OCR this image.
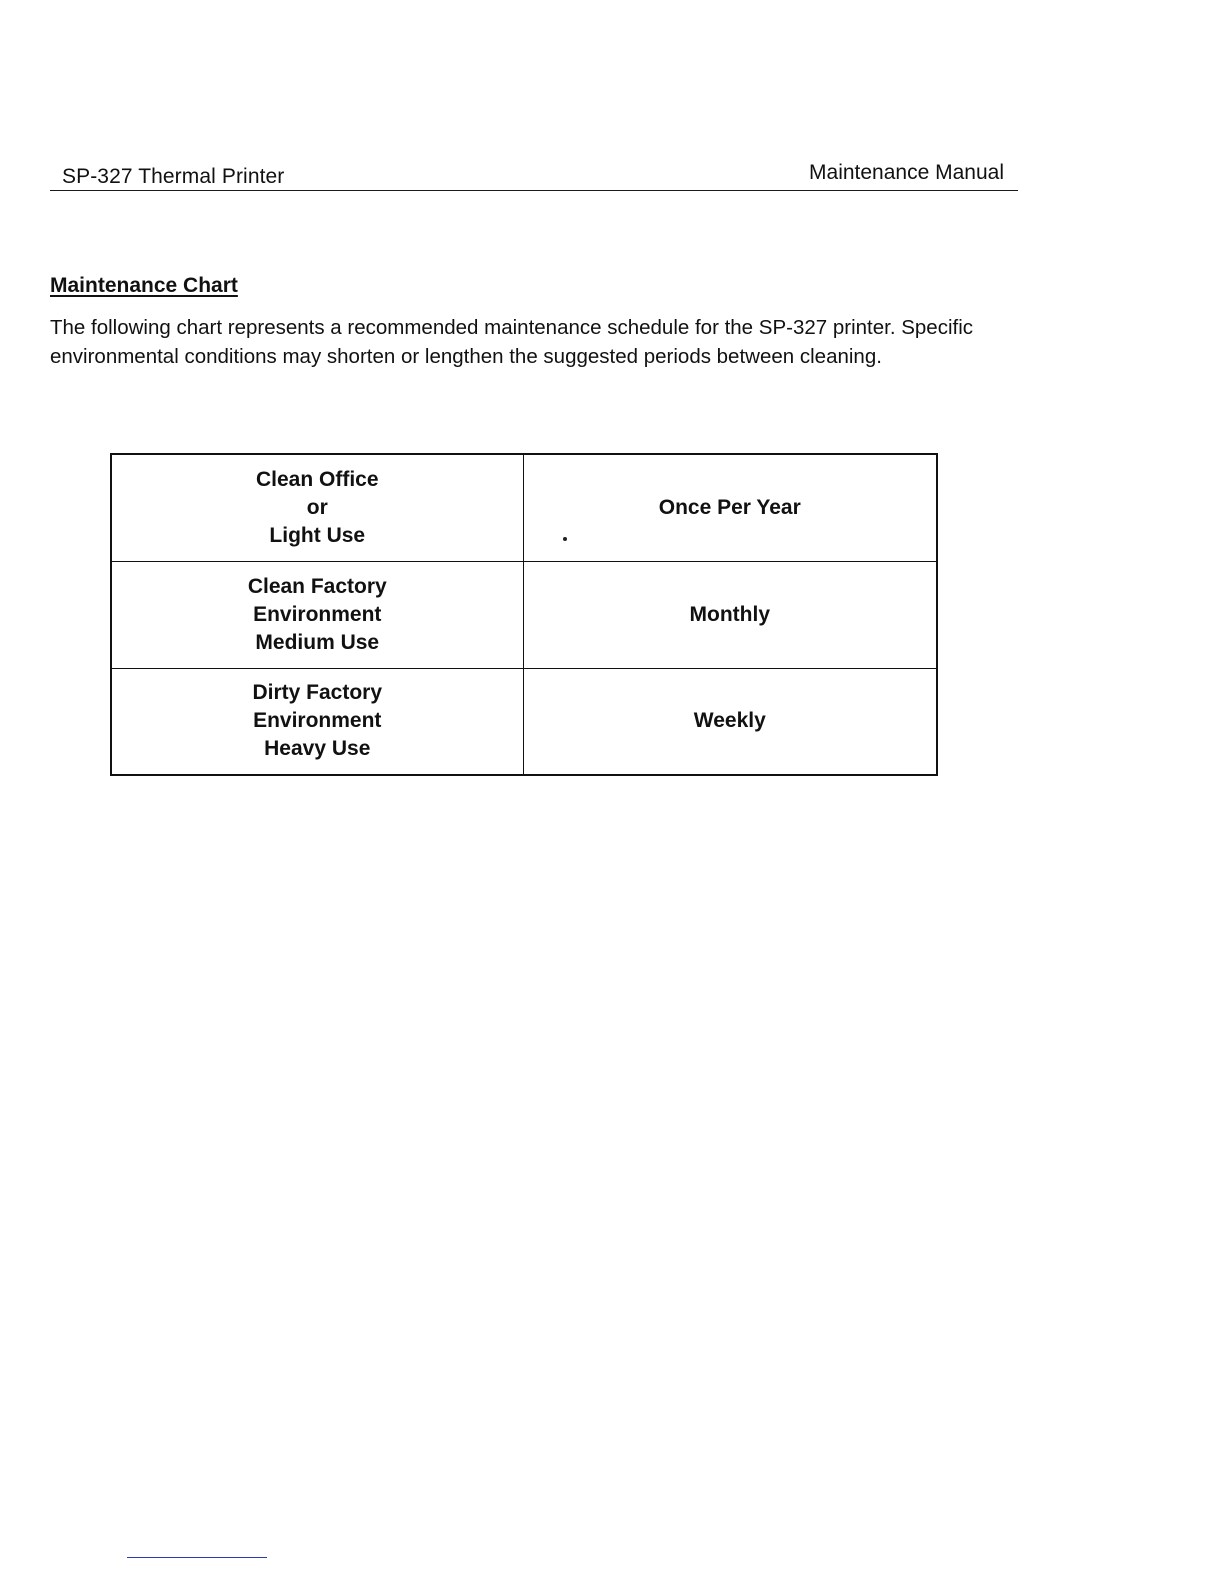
SP-327 Thermal Printer	Maintenance Manual
Maintenance Chart

The following chart represents a recommended maintenance schedule for the SP-327 printer. Specific environmental conditions may shorten or lengthen the suggested periods between cleaning.

Clean Office
or
Light Use	Once Per Year

Clean Factory
Environment
Medium Use	Monthly

Dirty Factory
Environment
Heavy Use	Weekly
